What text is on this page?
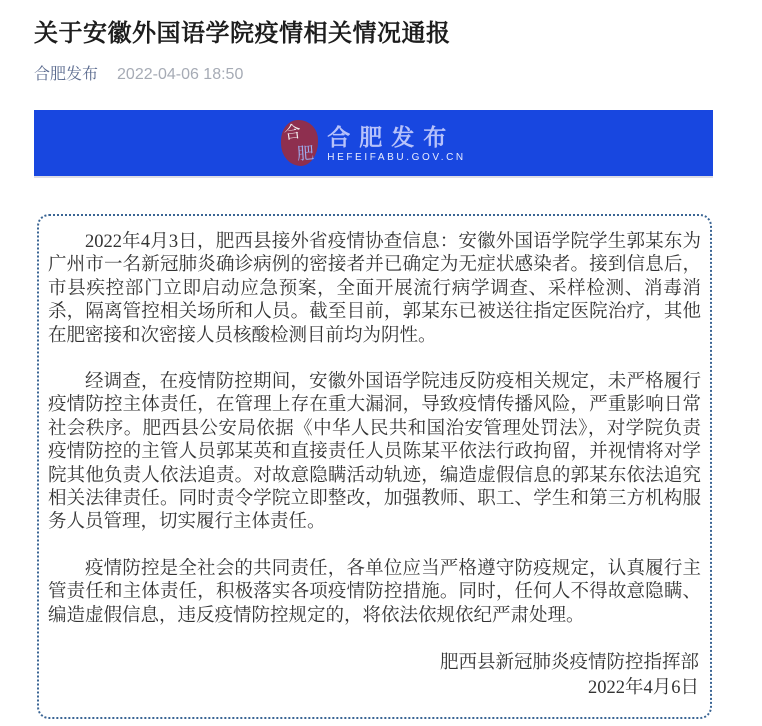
关于安徽外国语学院疫情相关情况通报
合肥发布 2022-04-06 18:50
合
肥
合肥发布
HEFEIFABU.GOV.CN

2022年4月3日，肥西县接外省疫情协查信息：安徽外国语学院学生郭某东为广州市一名新冠肺炎确诊病例的密接者并已确定为无症状感染者。接到信息后，市县疾控部门立即启动应急预案，全面开展流行病学调查、采样检测、消毒消杀，隔离管控相关场所和人员。截至目前，郭某东已被送往指定医院治疗，其他在肥密接和次密接人员核酸检测目前均为阴性。

经调查，在疫情防控期间，安徽外国语学院违反防疫相关规定，未严格履行疫情防控主体责任，在管理上存在重大漏洞，导致疫情传播风险，严重影响日常社会秩序。肥西县公安局依据《中华人民共和国治安管理处罚法》，对学院负责疫情防控的主管人员郭某英和直接责任人员陈某平依法行政拘留，并视情将对学院其他负责人依法追责。对故意隐瞒活动轨迹，编造虚假信息的郭某东依法追究相关法律责任。同时责令学院立即整改，加强教师、职工、学生和第三方机构服务人员管理，切实履行主体责任。

疫情防控是全社会的共同责任，各单位应当严格遵守防疫规定，认真履行主管责任和主体责任，积极落实各项疫情防控措施。同时，任何人不得故意隐瞒、编造虚假信息，违反疫情防控规定的，将依法依规依纪严肃处理。

肥西县新冠肺炎疫情防控指挥部
2022年4月6日
